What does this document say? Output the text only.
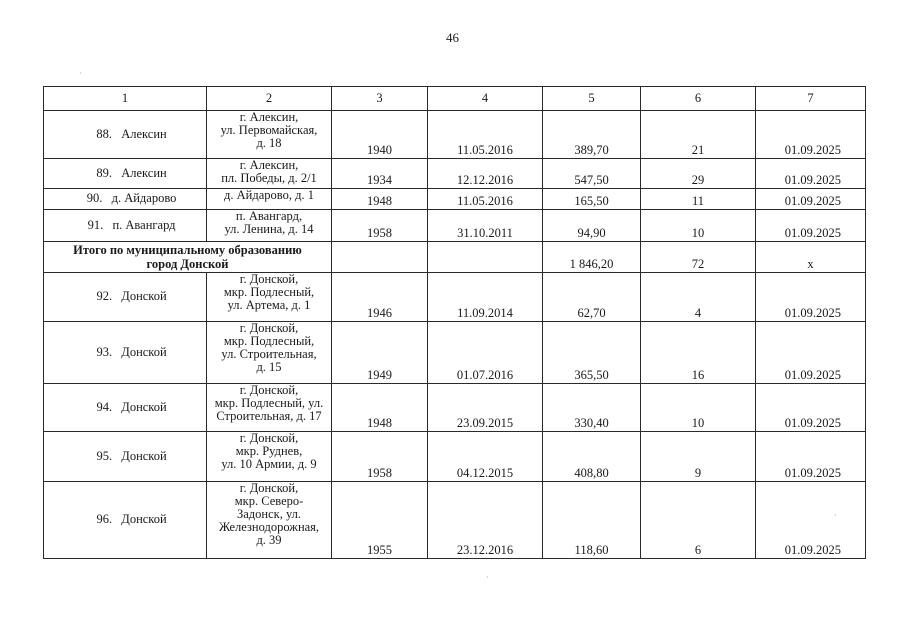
46
·
·
·
1	2	3	4	5	6	7
88. Алексин	г. Алексин,
ул. Первомайская,
д. 18	1940	11.05.2016	389,70	21	01.09.2025
89. Алексин	г. Алексин,
пл. Победы, д. 2/1	1934	12.12.2016	547,50	29	01.09.2025
90. д. Айдарово	д. Айдарово, д. 1	1948	11.05.2016	165,50	11	01.09.2025
91. п. Авангард	п. Авангард,
ул. Ленина, д. 14	1958	31.10.2011	94,90	10	01.09.2025

Итого по муниципальному образованию
город Донской				1 846,20	72	х
92. Донской	г. Донской,
мкр. Подлесный,
ул. Артема, д. 1	1946	11.09.2014	62,70	4	01.09.2025
93. Донской	г. Донской,
мкр. Подлесный,
ул. Строительная,
д. 15	1949	01.07.2016	365,50	16	01.09.2025
94. Донской	г. Донской,
мкр. Подлесный, ул.
Строительная, д. 17	1948	23.09.2015	330,40	10	01.09.2025
95. Донской	г. Донской,
мкр. Руднев,
ул. 10 Армии, д. 9	1958	04.12.2015	408,80	9	01.09.2025
96. Донской	г. Донской,
мкр. Северо-
Задонск, ул.
Железнодорожная,
д. 39	1955	23.12.2016	118,60	6	01.09.2025
